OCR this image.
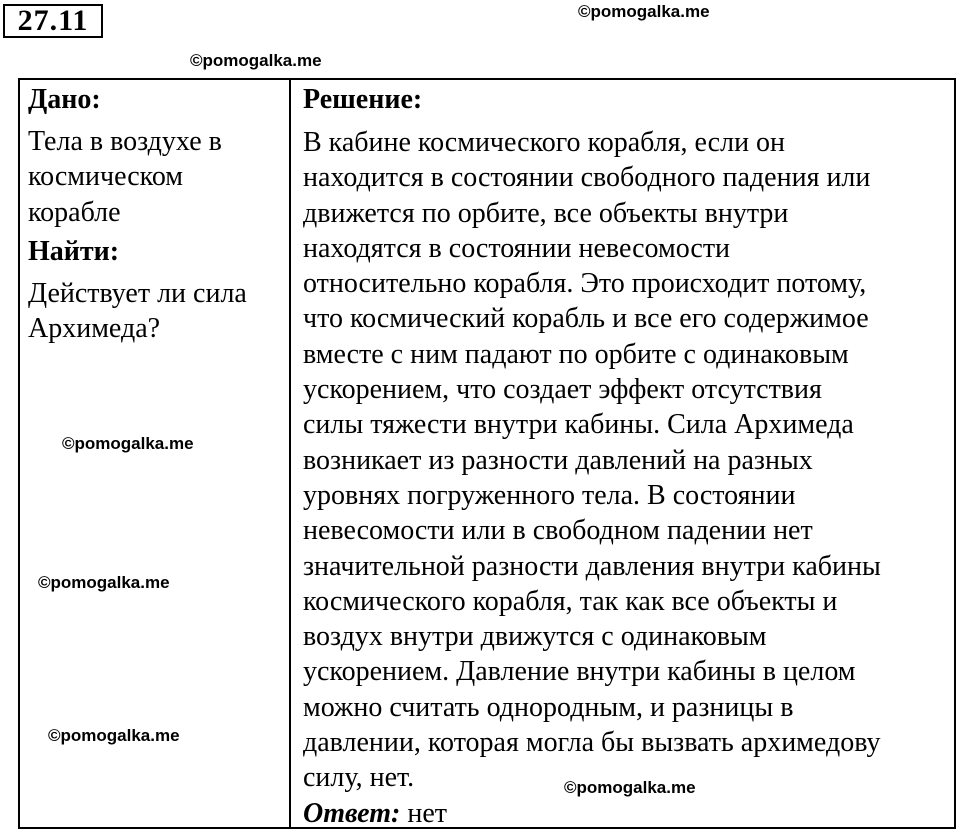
27.11	©pomogalka.me
©pomogalka.me
©pomogalka.me
©pomogalka.me
©pomogalka.me
Дано:
Тела в воздухе в
космическом
корабле
Найти:
Действует ли сила
Архимеда?
Решение:
В кабине космического корабля, если он
находится в состоянии свободного падения или
движется по орбите, все объекты внутри
находятся в состоянии невесомости
относительно корабля. Это происходит потому,
что космический корабль и все его содержимое
вместе с ним падают по орбите с одинаковым
ускорением, что создает эффект отсутствия
силы тяжести внутри кабины. Сила Архимеда
возникает из разности давлений на разных
уровнях погруженного тела. В состоянии
невесомости или в свободном падении нет
значительной разности давления внутри кабины
космического корабля, так как все объекты и
воздух внутри движутся с одинаковым
ускорением. Давление внутри кабины в целом
можно считать однородным, и разницы в
давлении, которая могла бы вызвать архимедову
силу, нет.
Ответ: нет
©pomogalka.me
